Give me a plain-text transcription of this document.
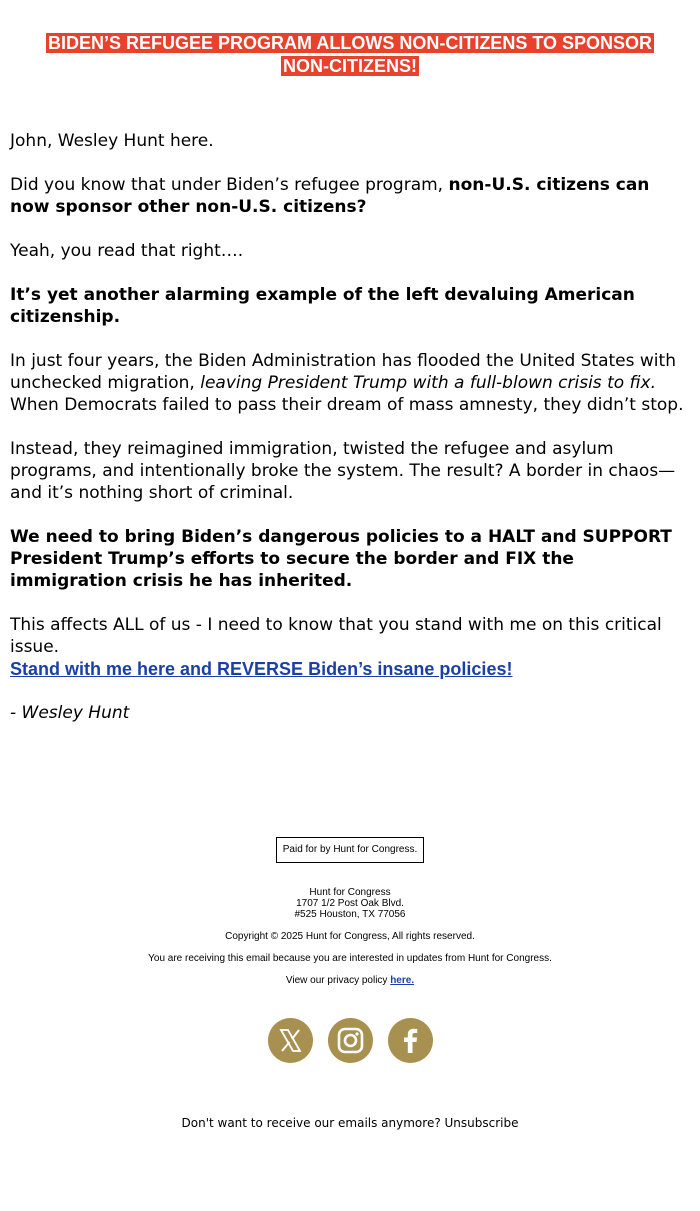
BIDEN’S REFUGEE PROGRAM ALLOWS NON-CITIZENS TO SPONSOR
NON-CITIZENS!

John, Wesley Hunt here.

Did you know that under Biden’s refugee program, non-U.S. citizens can now sponsor other non-U.S. citizens?

Yeah, you read that right….

It’s yet another alarming example of the left devaluing American citizenship.

In just four years, the Biden Administration has flooded the United States with unchecked migration, leaving President Trump with a full-blown crisis to fix. When Democrats failed to pass their dream of mass amnesty, they didn’t stop.

Instead, they reimagined immigration, twisted the refugee and asylum programs, and intentionally broke the system. The result? A border in chaos—and it’s nothing short of criminal.

We need to bring Biden’s dangerous policies to a HALT and SUPPORT President Trump’s efforts to secure the border and FIX the immigration crisis he has inherited.

This affects ALL of us - I need to know that you stand with me on this critical issue.

Stand with me here and REVERSE Biden’s insane policies!

- Wesley Hunt

Paid for by Hunt for Congress.
Hunt for Congress
1707 1/2 Post Oak Blvd.
#525 Houston, TX 77056
Copyright © 2025 Hunt for Congress, All rights reserved.
You are receiving this email because you are interested in updates from Hunt for Congress.
View our privacy policy here.
Don't want to receive our emails anymore? Unsubscribe
